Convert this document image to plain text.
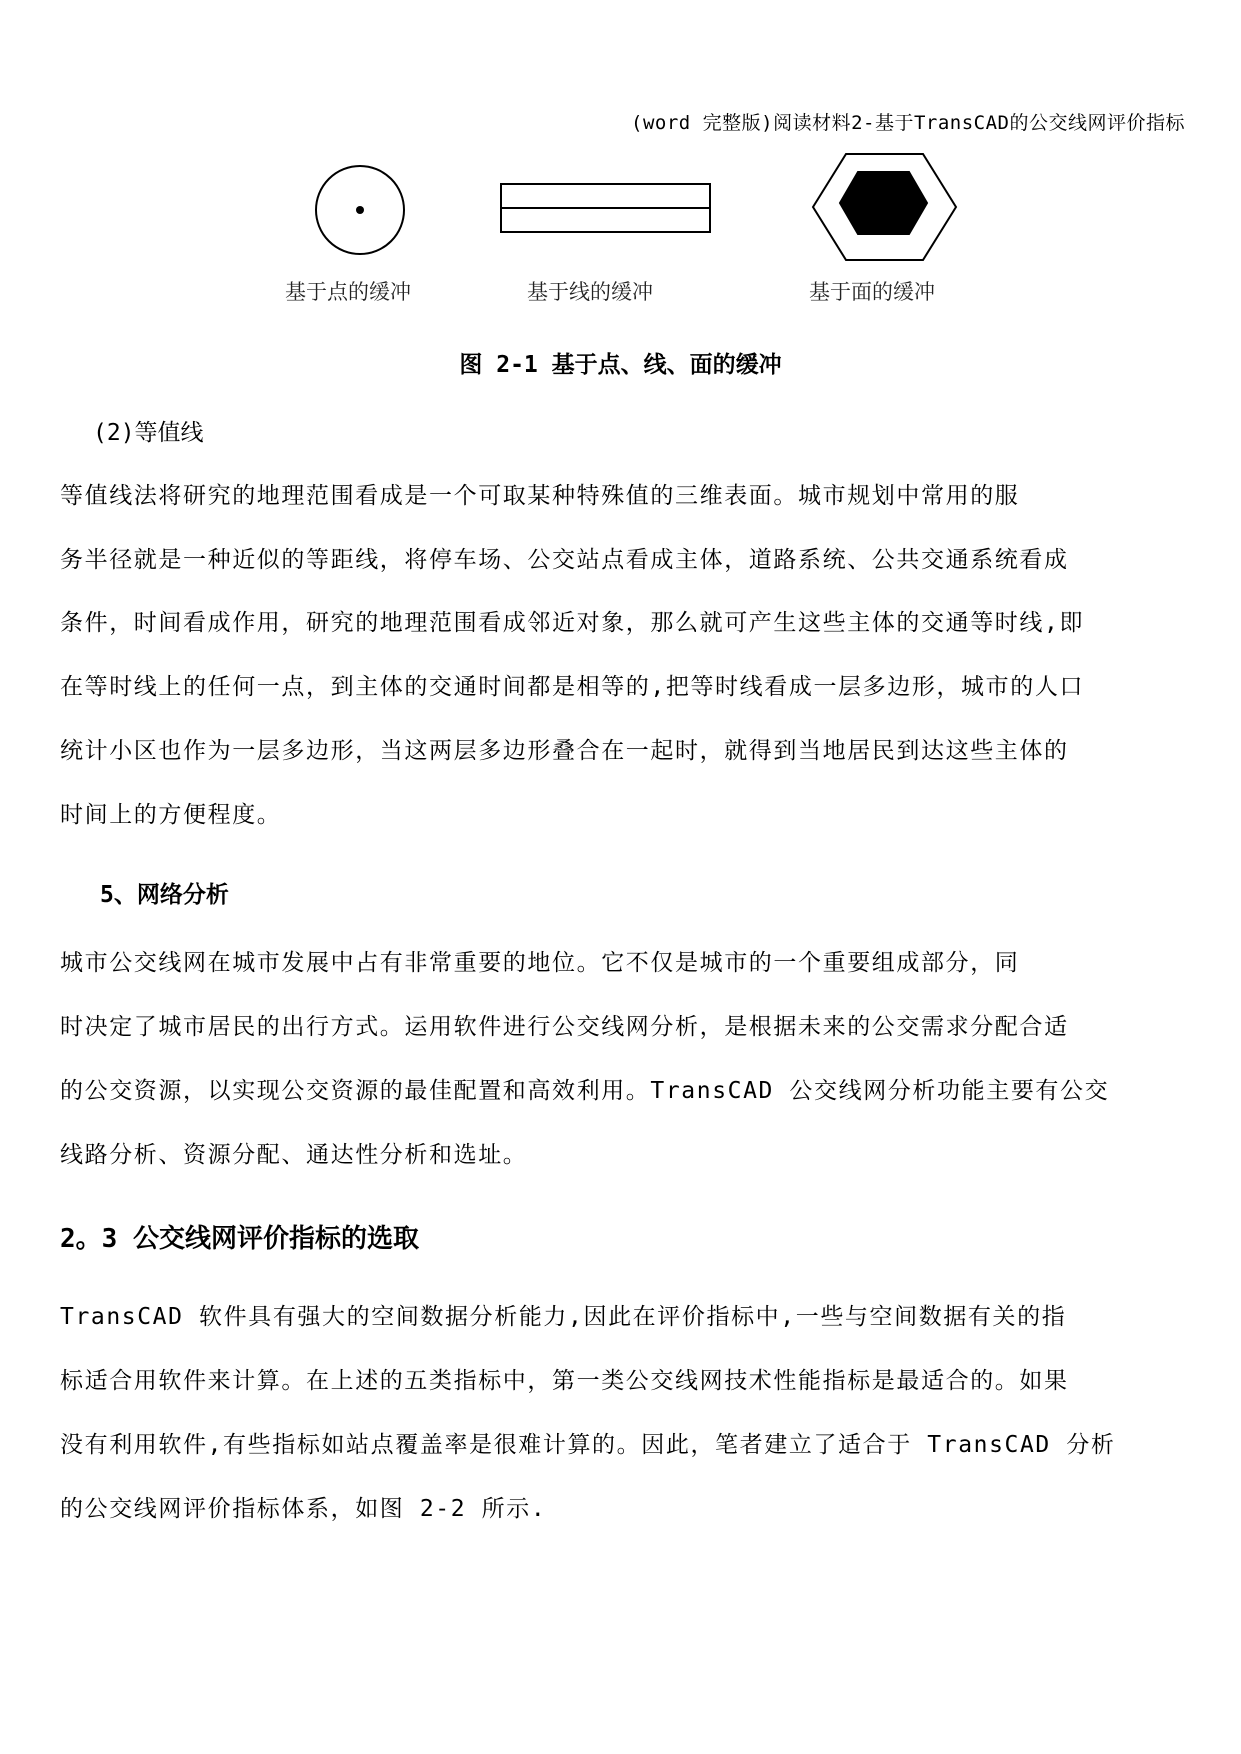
(word 完整版)阅读材料2-基于TransCAD的公交线网评价指标
基于点的缓冲	基于线的缓冲	基于面的缓冲
图 2-1 基于点、线、面的缓冲
(2)等值线
等值线法将研究的地理范围看成是一个可取某种特殊值的三维表面。城市规划中常用的服
务半径就是一种近似的等距线，将停车场、公交站点看成主体，道路系统、公共交通系统看成
条件，时间看成作用，研究的地理范围看成邻近对象，那么就可产生这些主体的交通等时线,即
在等时线上的任何一点，到主体的交通时间都是相等的,把等时线看成一层多边形，城市的人口
统计小区也作为一层多边形，当这两层多边形叠合在一起时，就得到当地居民到达这些主体的
时间上的方便程度。
5、网络分析
城市公交线网在城市发展中占有非常重要的地位。它不仅是城市的一个重要组成部分，同
时决定了城市居民的出行方式。运用软件进行公交线网分析，是根据未来的公交需求分配合适
的公交资源，以实现公交资源的最佳配置和高效利用。TransCAD 公交线网分析功能主要有公交
线路分析、资源分配、通达性分析和选址。
2。3 公交线网评价指标的选取
TransCAD 软件具有强大的空间数据分析能力,因此在评价指标中,一些与空间数据有关的指
标适合用软件来计算。在上述的五类指标中，第一类公交线网技术性能指标是最适合的。如果
没有利用软件,有些指标如站点覆盖率是很难计算的。因此，笔者建立了适合于 TransCAD 分析
的公交线网评价指标体系，如图 2-2 所示.
